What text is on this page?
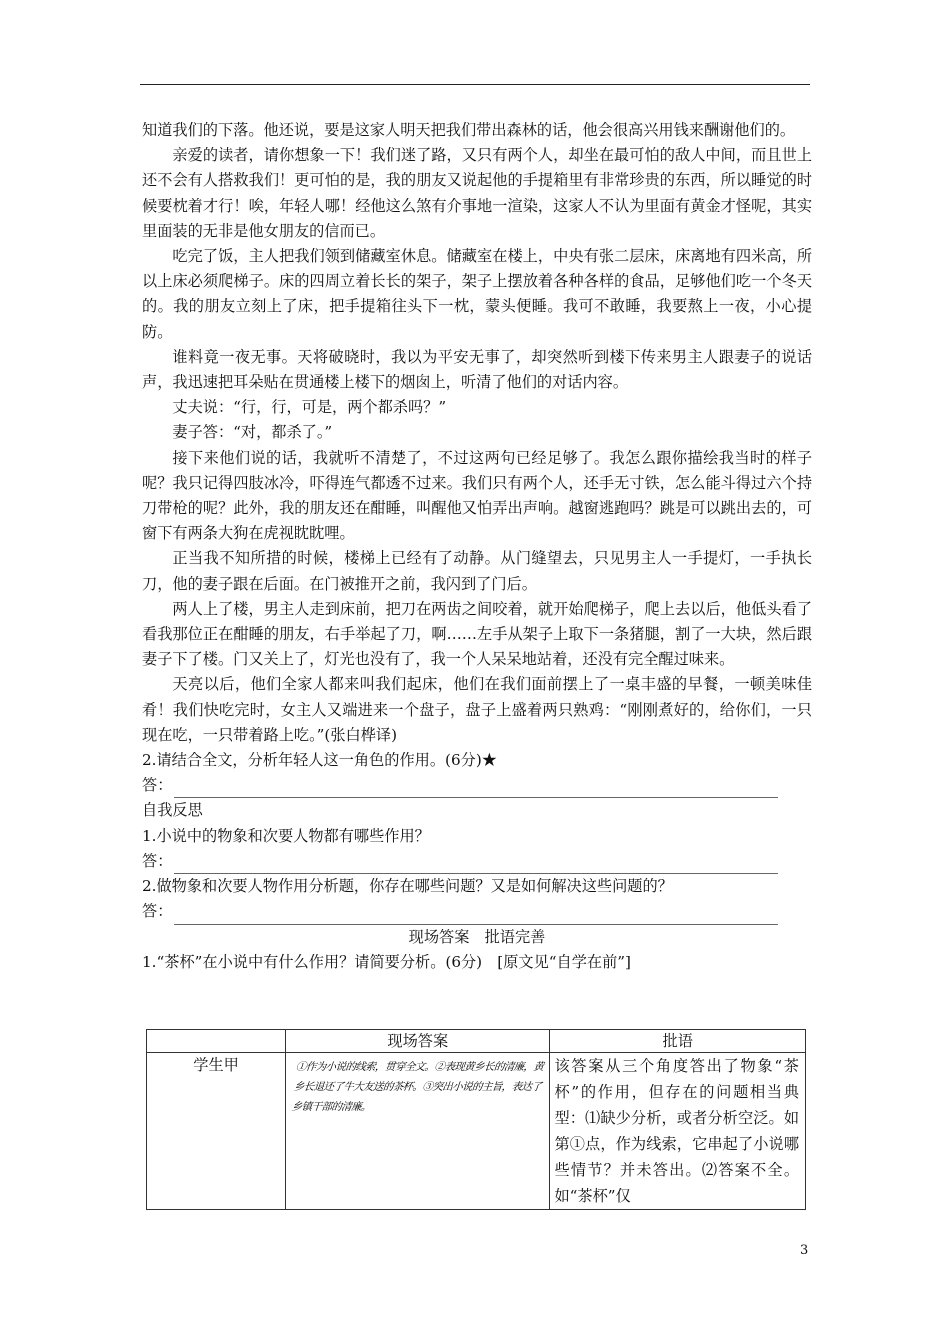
知道我们的下落。他还说，要是这家人明天把我们带出森林的话，他会很高兴用钱来酬谢他们的。

亲爱的读者，请你想象一下！我们迷了路，又只有两个人，却坐在最可怕的敌人中间，而且世上还不会有人搭救我们！更可怕的是，我的朋友又说起他的手提箱里有非常珍贵的东西，所以睡觉的时候要枕着才行！唉，年轻人哪！经他这么煞有介事地一渲染，这家人不认为里面有黄金才怪呢，其实里面装的无非是他女朋友的信而已。

吃完了饭，主人把我们领到储藏室休息。储藏室在楼上，中央有张二层床，床离地有四米高，所以上床必须爬梯子。床的四周立着长长的架子，架子上摆放着各种各样的食品，足够他们吃一个冬天的。我的朋友立刻上了床，把手提箱往头下一枕，蒙头便睡。我可不敢睡，我要熬上一夜，小心提防。

谁料竟一夜无事。天将破晓时，我以为平安无事了，却突然听到楼下传来男主人跟妻子的说话声，我迅速把耳朵贴在贯通楼上楼下的烟囱上，听清了他们的对话内容。

丈夫说：“行，行，可是，两个都杀吗？”

妻子答：“对，都杀了。”

接下来他们说的话，我就听不清楚了，不过这两句已经足够了。我怎么跟你描绘我当时的样子呢？我只记得四肢冰冷，吓得连气都透不过来。我们只有两个人，还手无寸铁，怎么能斗得过六个持刀带枪的呢？此外，我的朋友还在酣睡，叫醒他又怕弄出声响。越窗逃跑吗？跳是可以跳出去的，可窗下有两条大狗在虎视眈眈哩。

正当我不知所措的时候，楼梯上已经有了动静。从门缝望去，只见男主人一手提灯，一手执长刀，他的妻子跟在后面。在门被推开之前，我闪到了门后。

两人上了楼，男主人走到床前，把刀在两齿之间咬着，就开始爬梯子，爬上去以后，他低头看了看我那位正在酣睡的朋友，右手举起了刀，啊……左手从架子上取下一条猪腿，割了一大块，然后跟妻子下了楼。门又关上了，灯光也没有了，我一个人呆呆地站着，还没有完全醒过味来。

天亮以后，他们全家人都来叫我们起床，他们在我们面前摆上了一桌丰盛的早餐，一顿美味佳肴！我们快吃完时，女主人又端进来一个盘子，盘子上盛着两只熟鸡：“刚刚煮好的，给你们，一只现在吃，一只带着路上吃。”(张白桦译)

2.请结合全文，分析年轻人这一角色的作用。(6分)★

答：

自我反思

1.小说中的物象和次要人物都有哪些作用？

答：

2.做物象和次要人物作用分析题，你存在哪些问题？又是如何解决这些问题的？

答：

现场答案　批语完善

1.“茶杯”在小说中有什么作用？请简要分析。(6分)　[原文见“自学在前”]

	现场答案	批语
学生甲	①作为小说的线索，贯穿全文。②表现黄乡长的清廉，黄乡长退还了牛大友送的茶杯。③突出小说的主旨，表达了乡镇干部的清廉。	该答案从三个角度答出了物象“茶杯”的作用，但存在的问题相当典型：⑴缺少分析，或者分析空泛。如第①点，作为线索，它串起了小说哪些情节？并未答出。⑵答案不全。如“茶杯”仅
3
